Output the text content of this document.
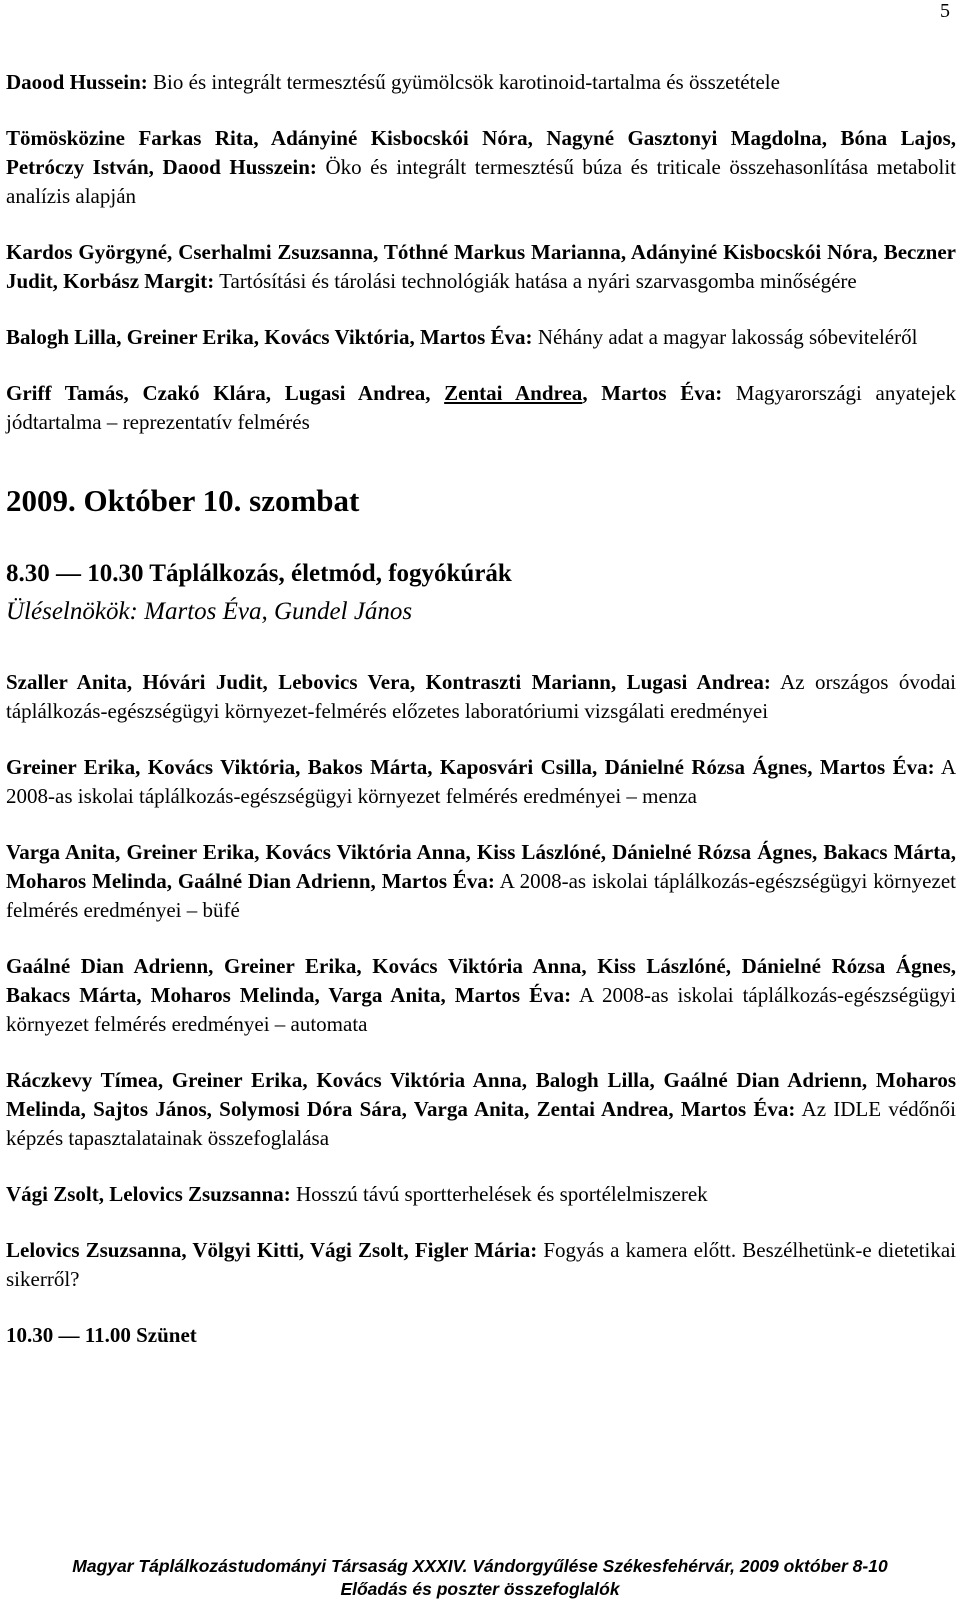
5

Daood Hussein: Bio és integrált termesztésű gyümölcsök karotinoid-tartalma és összetétele

Tömösközine Farkas Rita, Adányiné Kisbocskói Nóra, Nagyné Gasztonyi Magdolna, Bóna Lajos, Petróczy István, Daood Husszein: Öko és integrált termesztésű búza és triticale összehasonlítása metabolit analízis alapján

Kardos Györgyné, Cserhalmi Zsuzsanna, Tóthné Markus Marianna, Adányiné Kisbocskói Nóra, Beczner Judit, Korbász Margit: Tartósítási és tárolási technológiák hatása a nyári szarvasgomba minőségére

Balogh Lilla, Greiner Erika, Kovács Viktória, Martos Éva: Néhány adat a magyar lakosság sóbeviteléről

Griff Tamás, Czakó Klára, Lugasi Andrea, Zentai Andrea, Martos Éva: Magyarországi anyatejek jódtartalma – reprezentatív felmérés

2009. Október 10. szombat
8.30 — 10.30 Táplálkozás, életmód, fogyókúrák
Üléselnökök: Martos Éva, Gundel János

Szaller Anita, Hóvári Judit, Lebovics Vera, Kontraszti Mariann, Lugasi Andrea: Az országos óvodai táplálkozás-egészségügyi környezet-felmérés előzetes laboratóriumi vizsgálati eredményei

Greiner Erika, Kovács Viktória, Bakos Márta, Kaposvári Csilla, Dánielné Rózsa Ágnes, Martos Éva: A 2008-as iskolai táplálkozás-egészségügyi környezet felmérés eredményei – menza

Varga Anita, Greiner Erika, Kovács Viktória Anna, Kiss Lászlóné, Dánielné Rózsa Ágnes, Bakacs Márta, Moharos Melinda, Gaálné Dian Adrienn, Martos Éva: A 2008-as iskolai táplálkozás-egészségügyi környezet felmérés eredményei – büfé

Gaálné Dian Adrienn, Greiner Erika, Kovács Viktória Anna, Kiss Lászlóné, Dánielné Rózsa Ágnes, Bakacs Márta, Moharos Melinda, Varga Anita, Martos Éva: A 2008-as iskolai táplálkozás-egészségügyi környezet felmérés eredményei – automata

Ráczkevy Tímea, Greiner Erika, Kovács Viktória Anna, Balogh Lilla, Gaálné Dian Adrienn, Moharos Melinda, Sajtos János, Solymosi Dóra Sára, Varga Anita, Zentai Andrea, Martos Éva: Az IDLE védőnői képzés tapasztalatainak összefoglalása

Vági Zsolt, Lelovics Zsuzsanna: Hosszú távú sportterhelések és sportélelmiszerek

Lelovics Zsuzsanna, Völgyi Kitti, Vági Zsolt, Figler Mária: Fogyás a kamera előtt. Beszélhetünk-e dietetikai sikerről?

10.30 — 11.00 Szünet
Magyar Táplálkozástudományi Társaság XXXIV. Vándorgyűlése Székesfehérvár, 2009 október 8-10
Előadás és poszter összefoglalók
